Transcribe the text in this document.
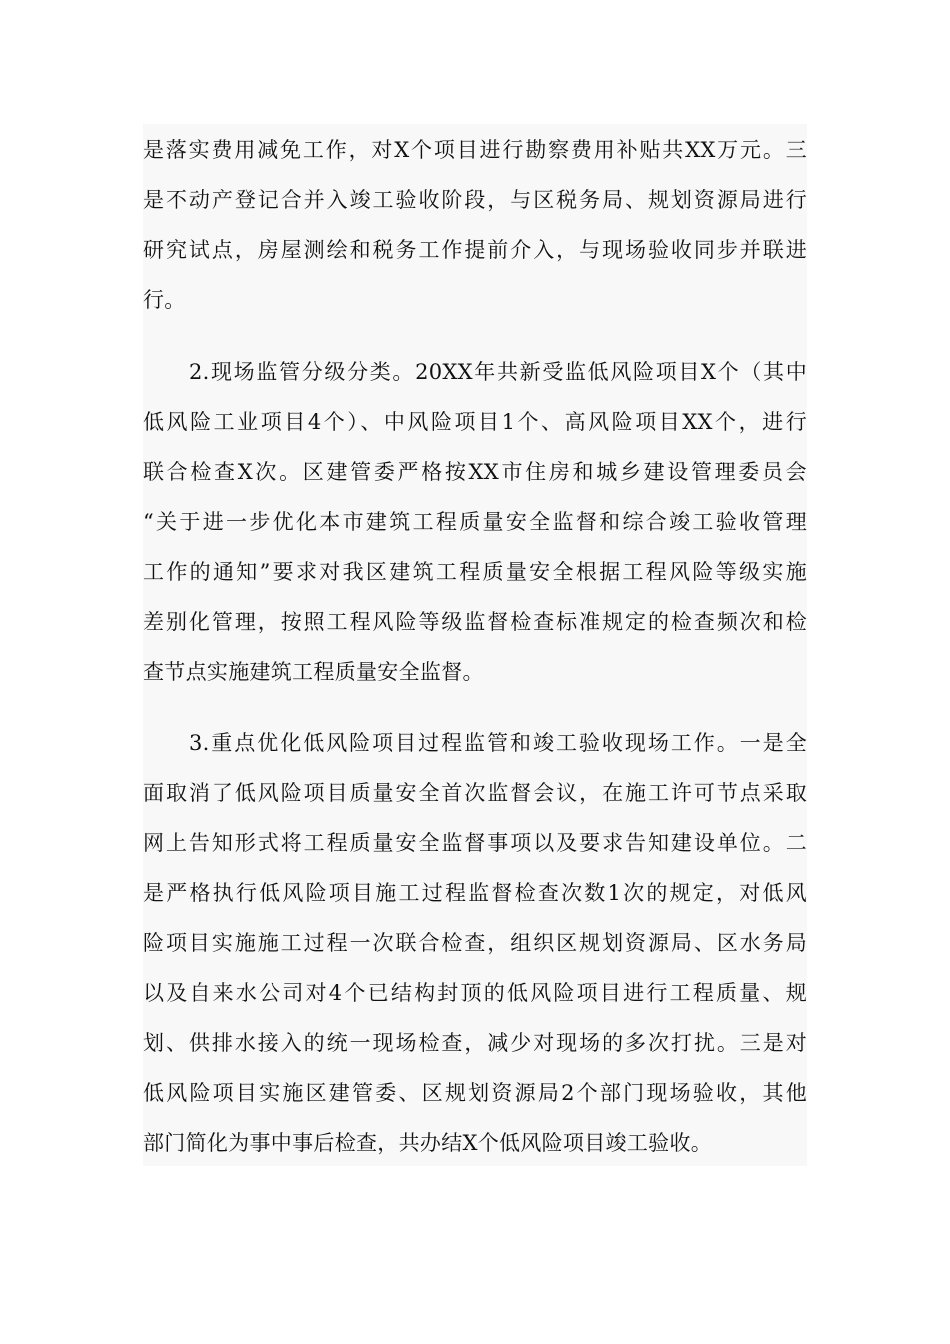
是落实费用减免工作，对X个项目进行勘察费用补贴共XX万元。三
是不动产登记合并入竣工验收阶段，与区税务局、规划资源局进行
研究试点，房屋测绘和税务工作提前介入，与现场验收同步并联进
行。
2.现场监管分级分类。20XX年共新受监低风险项目X个（其中
低风险工业项目4个）、中风险项目1个、高风险项目XX个，进行
联合检查X次。区建管委严格按XX市住房和城乡建设管理委员会
“关于进一步优化本市建筑工程质量安全监督和综合竣工验收管理
工作的通知”要求对我区建筑工程质量安全根据工程风险等级实施
差别化管理，按照工程风险等级监督检查标准规定的检查频次和检
查节点实施建筑工程质量安全监督。
3.重点优化低风险项目过程监管和竣工验收现场工作。一是全
面取消了低风险项目质量安全首次监督会议，在施工许可节点采取
网上告知形式将工程质量安全监督事项以及要求告知建设单位。二
是严格执行低风险项目施工过程监督检查次数1次的规定，对低风
险项目实施施工过程一次联合检查，组织区规划资源局、区水务局
以及自来水公司对4个已结构封顶的低风险项目进行工程质量、规
划、供排水接入的统一现场检查，减少对现场的多次打扰。三是对
低风险项目实施区建管委、区规划资源局2个部门现场验收，其他
部门简化为事中事后检查，共办结X个低风险项目竣工验收。
